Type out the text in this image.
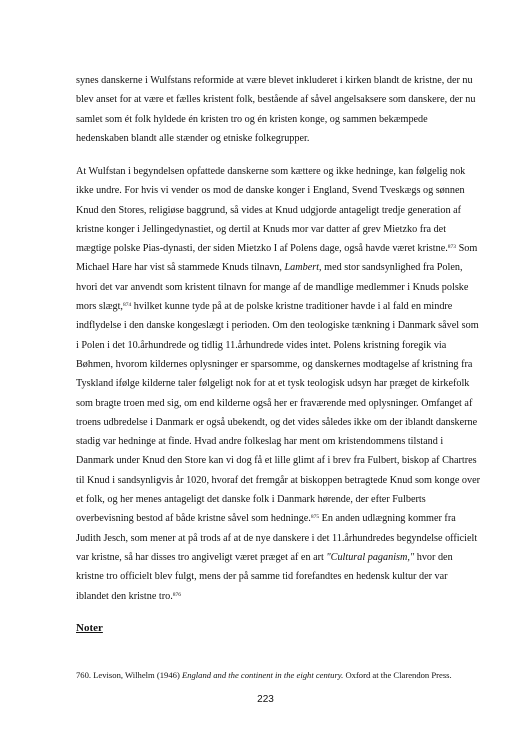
synes danskerne i Wulfstans reformide at være blevet inkluderet i kirken blandt de kristne, der nu blev anset for at være et fælles kristent folk, bestående af såvel angelsaksere som danskere, der nu samlet som ét folk hyldede én kristen tro og én kristen konge, og sammen bekæmpede hedenskaben blandt alle stænder og etniske folkegrupper.

At Wulfstan i begyndelsen opfattede danskerne som kættere og ikke hedninge, kan følgelig nok ikke undre. For hvis vi vender os mod de danske konger i England, Svend Tveskægs og sønnen Knud den Stores, religiøse baggrund, så vides at Knud udgjorde antageligt tredje generation af kristne konger i Jellingedynastiet, og dertil at Knuds mor var datter af grev Mietzko fra det mægtige polske Pias-dynasti, der siden Mietzko I af Polens dage, også havde været kristne.$^{873}$ Som Michael Hare har vist så stammede Knuds tilnavn, Lambert, med stor sandsynlighed fra Polen, hvori det var anvendt som kristent tilnavn for mange af de mandlige medlemmer i Knuds polske mors slægt,$^{874}$ hvilket kunne tyde på at de polske kristne traditioner havde i al fald en mindre indflydelse i den danske kongeslægt i perioden. Om den teologiske tænkning i Danmark såvel som i Polen i det 10.århundrede og tidlig 11.århundrede vides intet. Polens kristning foregik via Bøhmen, hvorom kildernes oplysninger er sparsomme, og danskernes modtagelse af kristning fra Tyskland ifølge kilderne taler følgeligt nok for at et tysk teologisk udsyn har præget de kirkefolk som bragte troen med sig, om end kilderne også her er fraværende med oplysninger. Omfanget af troens udbredelse i Danmark er også ubekendt, og det vides således ikke om der iblandt danskerne stadig var hedninge at finde. Hvad andre folkeslag har ment om kristendommens tilstand i Danmark under Knud den Store kan vi dog få et lille glimt af i brev fra Fulbert, biskop af Chartres til Knud i sandsynligvis år 1020, hvoraf det fremgår at biskoppen betragtede Knud som konge over et folk, og her menes antageligt det danske folk i Danmark hørende, der efter Fulberts overbevisning bestod af både kristne såvel som hedninge.$^{875}$ En anden udlægning kommer fra Judith Jesch, som mener at på trods af at de nye danskere i det 11.århundredes begyndelse officielt var kristne, så har disses tro angiveligt været præget af en art "Cultural paganism," hvor den kristne tro officielt blev fulgt, mens der på samme tid forefandtes en hedensk kultur der var iblandet den kristne tro.$^{876}$

Noter

760. Levison, Wilhelm (1946) England and the continent in the eight century. Oxford at the Clarendon Press.

223
